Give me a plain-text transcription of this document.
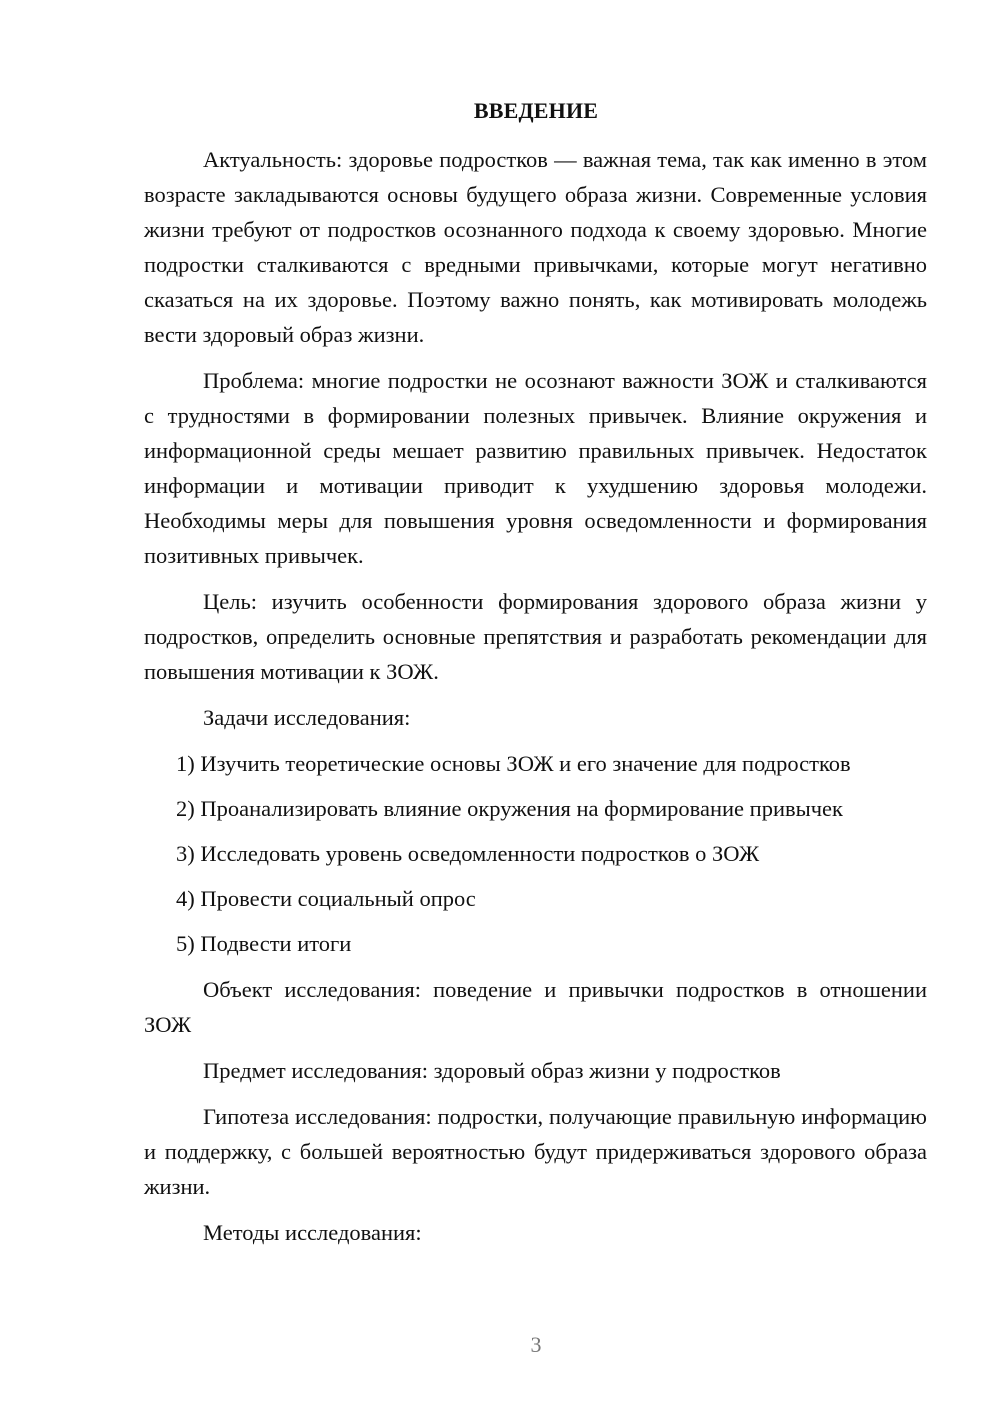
ВВЕДЕНИЕ

Актуальность: здоровье подростков — важная тема, так как именно в этом возрасте закладываются основы будущего образа жизни. Современные условия жизни требуют от подростков осознанного подхода к своему здоровью. Многие подростки сталкиваются с вредными привычками, которые могут негативно сказаться на их здоровье. Поэтому важно понять, как мотивировать молодежь вести здоровый образ жизни.

Проблема: многие подростки не осознают важности ЗОЖ и сталкиваются с трудностями в формировании полезных привычек. Влияние окружения и информационной среды мешает развитию правильных привычек. Недостаток информации и мотивации приводит к ухудшению здоровья молодежи. Необходимы меры для повышения уровня осведомленности и формирования позитивных привычек.

Цель: изучить особенности формирования здорового образа жизни у подростков, определить основные препятствия и разработать рекомендации для повышения мотивации к ЗОЖ.

Задачи исследования:

1) Изучить теоретические основы ЗОЖ и его значение для подростков
2) Проанализировать влияние окружения на формирование привычек
3) Исследовать уровень осведомленности подростков о ЗОЖ
4) Провести социальный опрос
5) Подвести итоги

Объект исследования: поведение и привычки подростков в отношении ЗОЖ

Предмет исследования: здоровый образ жизни у подростков

Гипотеза исследования: подростки, получающие правильную информацию и поддержку, с большей вероятностью будут придерживаться здорового образа жизни.

Методы исследования:

3
